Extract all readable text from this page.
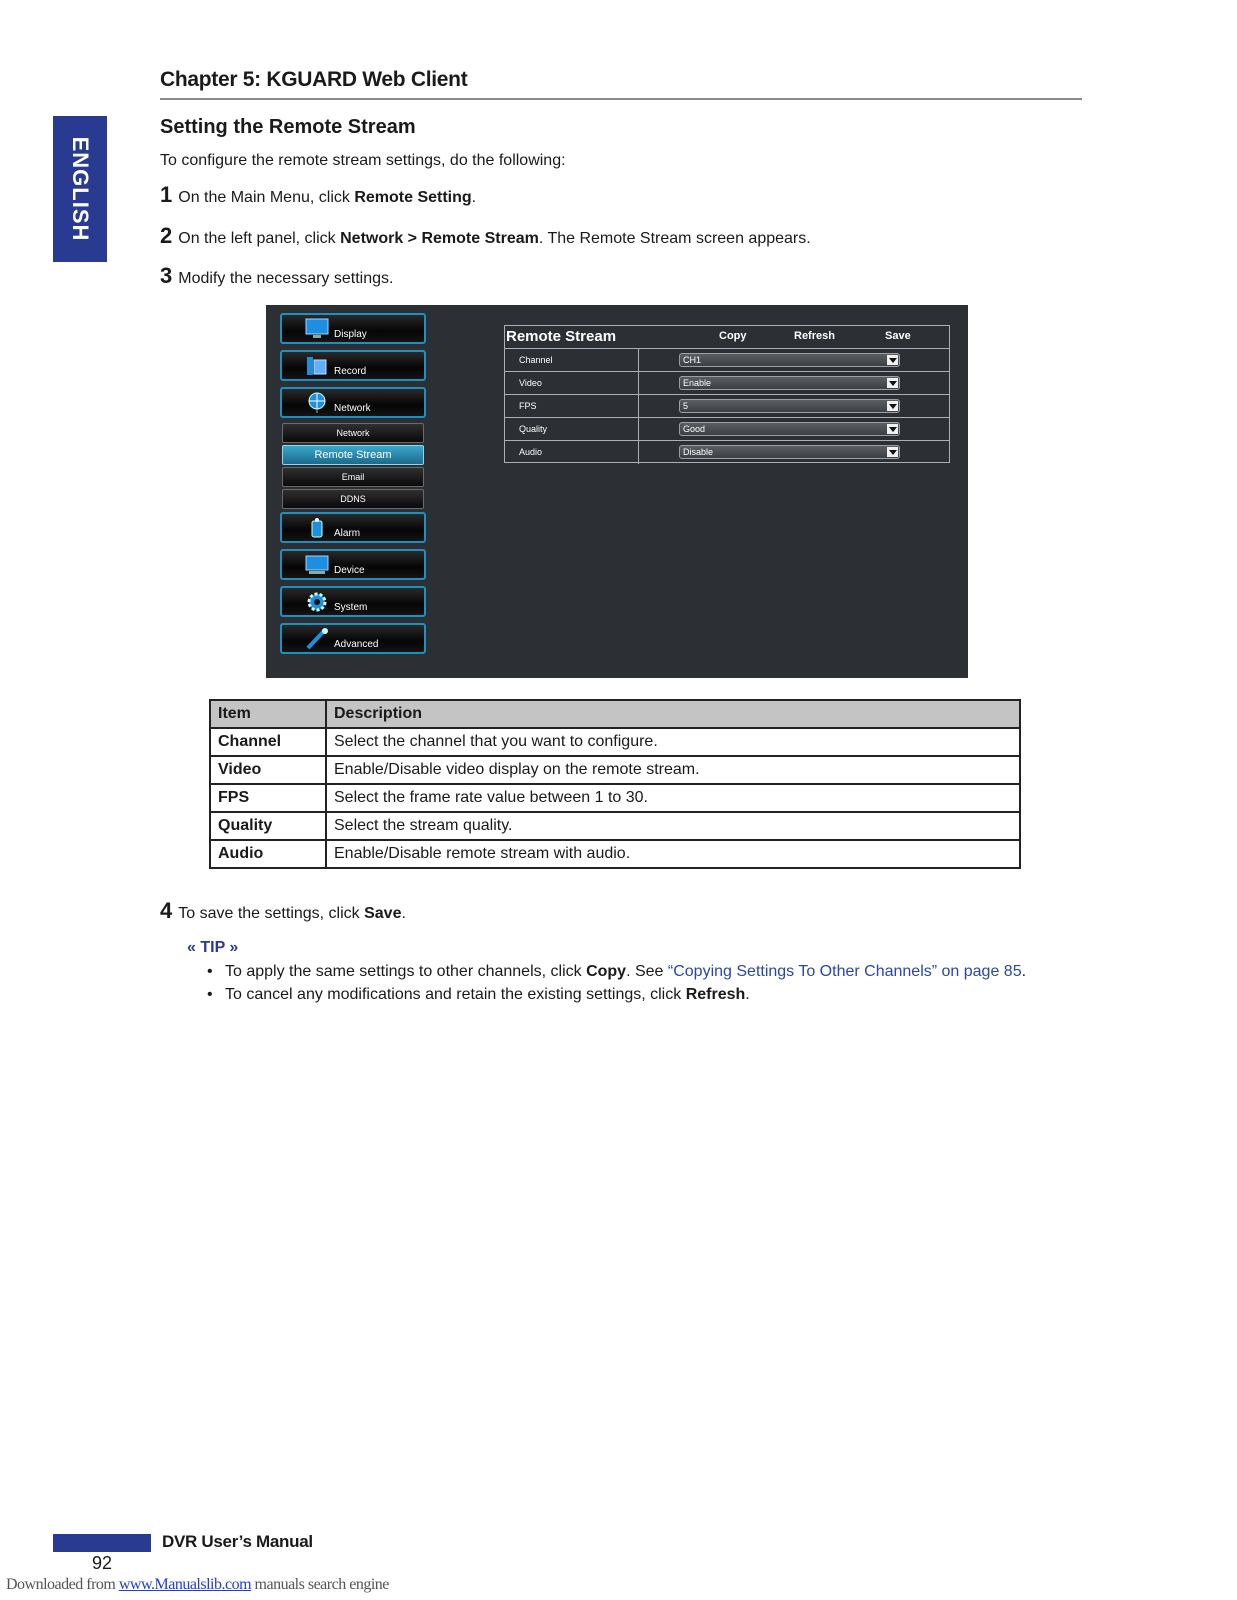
Chapter 5: KGUARD Web Client
ENGLISH
Setting the Remote Stream
To configure the remote stream settings, do the following:
1 On the Main Menu, click Remote Setting.
2 On the left panel, click Network > Remote Stream. The Remote Stream screen appears.
3 Modify the necessary settings.
Display
Record
Network
Network
Remote Stream
Email
DDNS
Alarm
Device
System
Advanced
Remote Stream	Copy	Refresh	Save
Channel	CH1
Video	Enable
FPS	5
Quality	Good
Audio	Disable
Item	Description
Channel	Select the channel that you want to configure.
Video	Enable/Disable video display on the remote stream.
FPS	Select the frame rate value between 1 to 30.
Quality	Select the stream quality.
Audio	Enable/Disable remote stream with audio.
4 To save the settings, click Save.
« TIP »
• To apply the same settings to other channels, click Copy. See “Copying Settings To Other Channels” on page 85.
• To cancel any modifications and retain the existing settings, click Refresh.
DVR User’s Manual
92
Downloaded from www.Manualslib.com manuals search engine
